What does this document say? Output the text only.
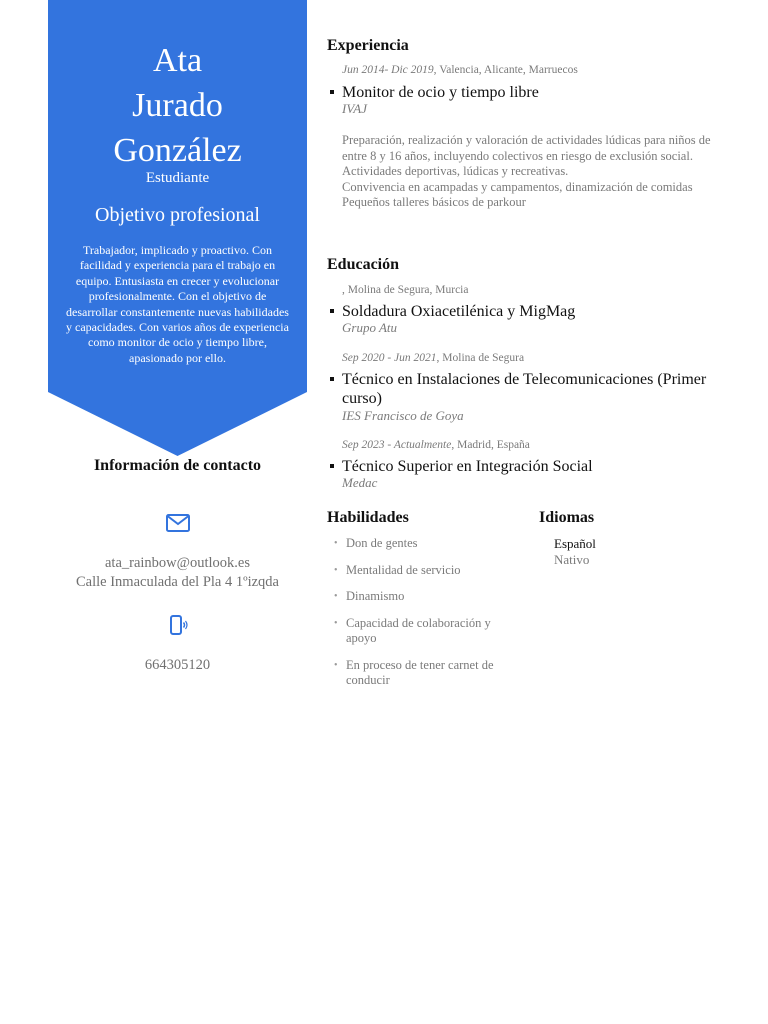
Ata
Jurado
González
Estudiante
Objetivo profesional
Trabajador, implicado y proactivo. Con facilidad y experiencia para el trabajo en equipo. Entusiasta en crecer y evolucionar profesionalmente. Con el objetivo de desarrollar constantemente nuevas habilidades y capacidades. Con varios años de experiencia como monitor de ocio y tiempo libre, apasionado por ello.
Información de contacto
ata_rainbow@outlook.es
Calle Inmaculada del Pla 4 1ºizqda
664305120
Experiencia
Jun 2014- Dic 2019, Valencia, Alicante, Marruecos
Monitor de ocio y tiempo libre
IVAJ
Preparación, realización y valoración de actividades lúdicas para niños de entre 8 y 16 años, incluyendo colectivos en riesgo de exclusión social.
Actividades deportivas, lúdicas y recreativas.
Convivencia en acampadas y campamentos, dinamización de comidas
Pequeños talleres básicos de parkour
Educación
, Molina de Segura, Murcia
Soldadura Oxiacetilénica y MigMag
Grupo Atu
Sep 2020 - Jun 2021, Molina de Segura
Técnico en Instalaciones de Telecomunicaciones (Primer curso)
IES Francisco de Goya
Sep 2023 - Actualmente, Madrid, España
Técnico Superior en Integración Social
Medac
Habilidades
• Don de gentes
• Mentalidad de servicio
• Dinamismo
• Capacidad de colaboración y apoyo
• En proceso de tener carnet de conducir
Idiomas
Español
Nativo
